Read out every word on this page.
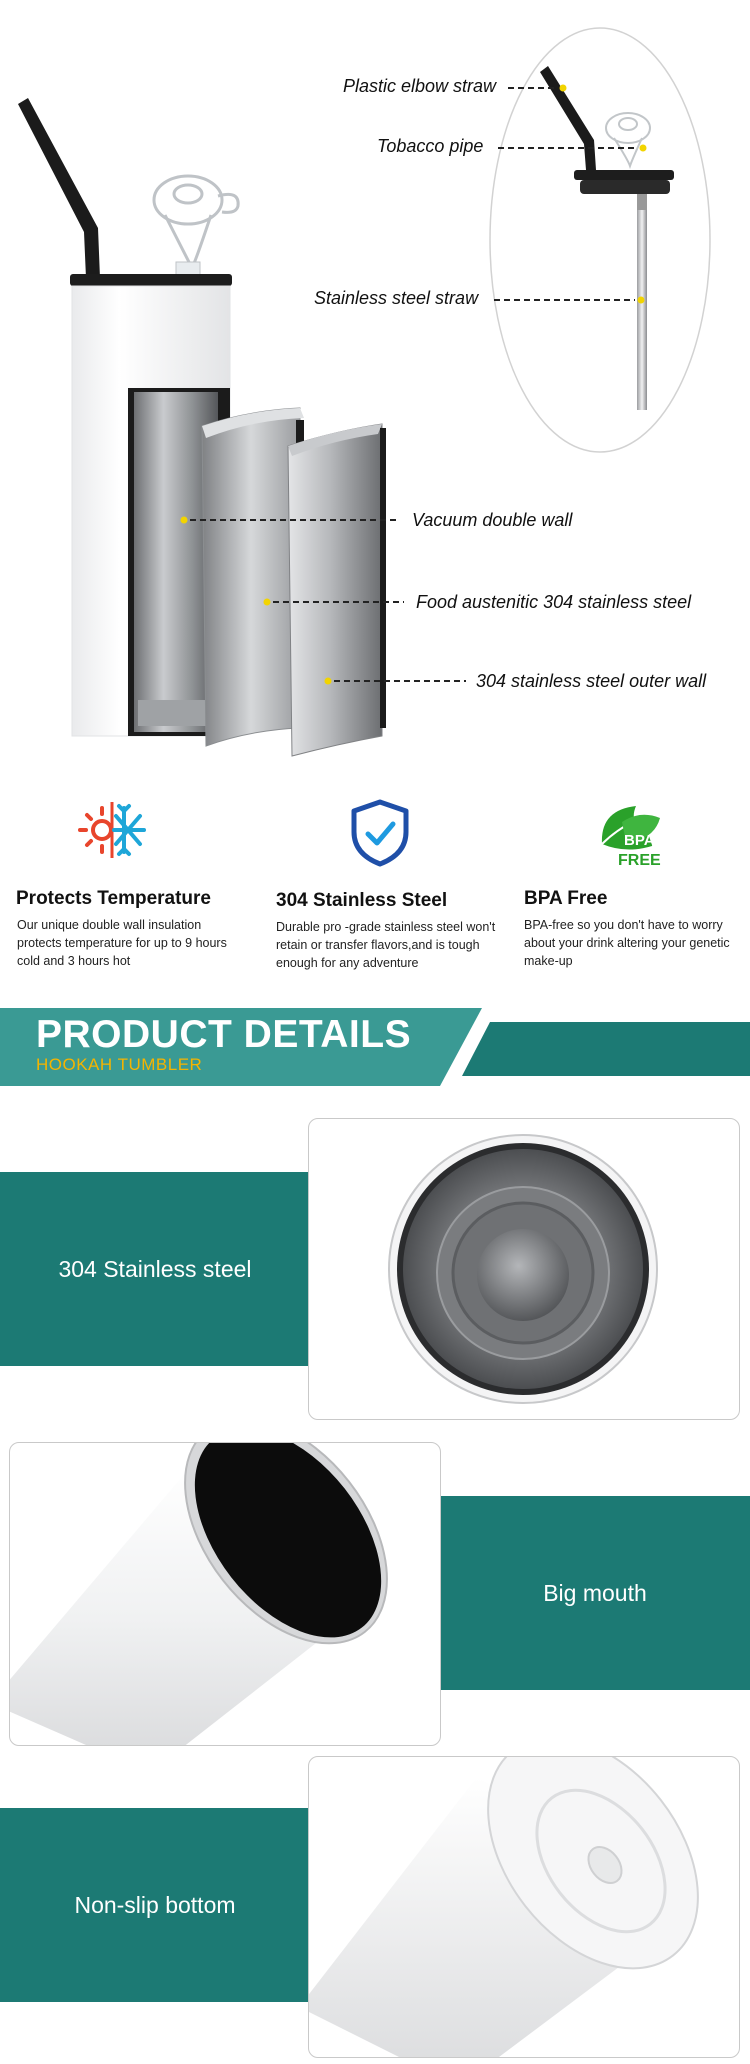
Plastic elbow straw
Tobacco pipe
Stainless steel straw
Vacuum double wall
Food austenitic 304 stainless steel
304 stainless steel outer wall
Protects Temperature
Our unique double wall insulation protects temperature for up to 9 hours cold and 3 hours hot
304 Stainless Steel
Durable pro -grade stainless steel won't retain or transfer flavors,and is tough enough for any adventure
BPA
FREE
BPA Free
BPA-free so you don't have to worry about your drink altering your genetic make-up
PRODUCT DETAILS
HOOKAH TUMBLER
304 Stainless steel
Big mouth
Non-slip bottom
